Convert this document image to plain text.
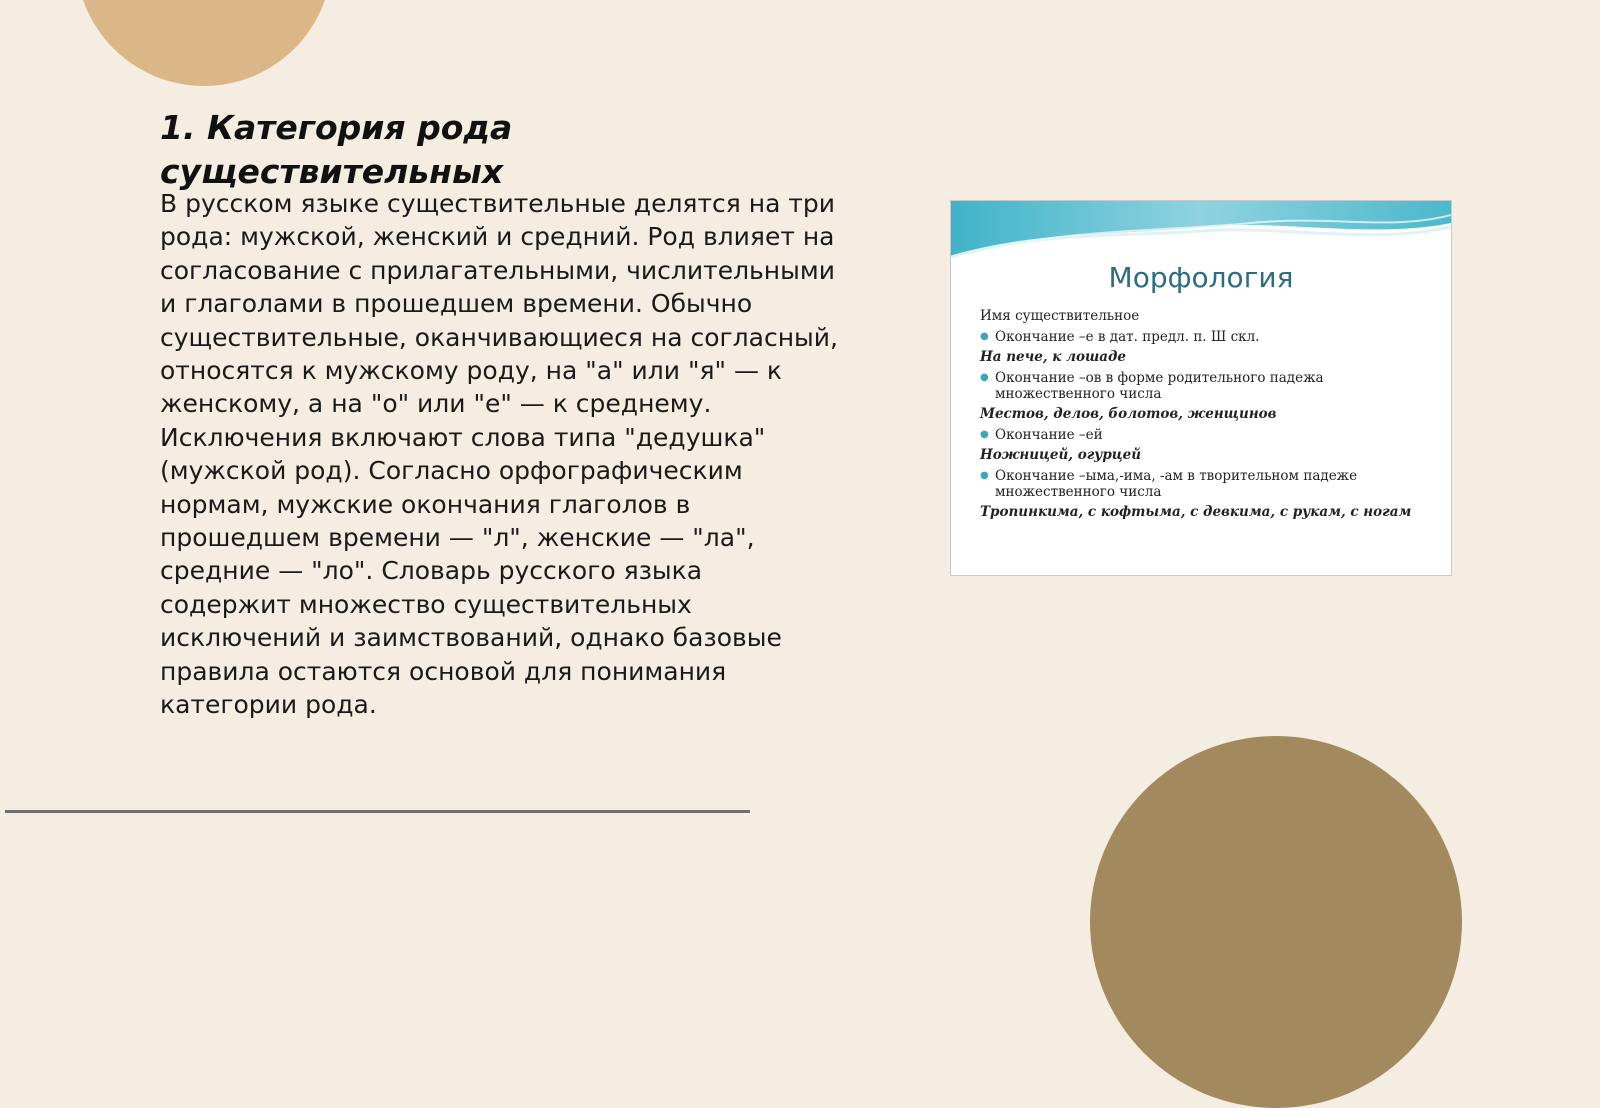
1. Категория рода существительных

В русском языке существительные делятся на три рода: мужской, женский и средний. Род влияет на согласование с прилагательными, числительными и глаголами в прошедшем времени. Обычно существительные, оканчивающиеся на согласный, относятся к мужскому роду, на "а" или "я" — к женскому, а на "о" или "е" — к среднему. Исключения включают слова типа "дедушка" (мужской род). Согласно орфографическим нормам, мужские окончания глаголов в прошедшем времени — "л", женские — "ла", средние — "ло". Словарь русского языка содержит множество существительных исключений и заимствований, однако базовые правила остаются основой для понимания категории рода.

Морфология
Имя существительное
● Окончание –е в дат. предл. п. Ш скл.
На печe, к лошадe
● Окончание –ов в форме родительного падежа
множественного числа
Местов, делов, болотов, женщинов
● Окончание –ей
Ножницей, огурцей
● Окончание –ыма,-има, -ам в творительном падеже
множественного числа
Тропинкима, с кофтыма, с девкима, с рукам, с ногам
